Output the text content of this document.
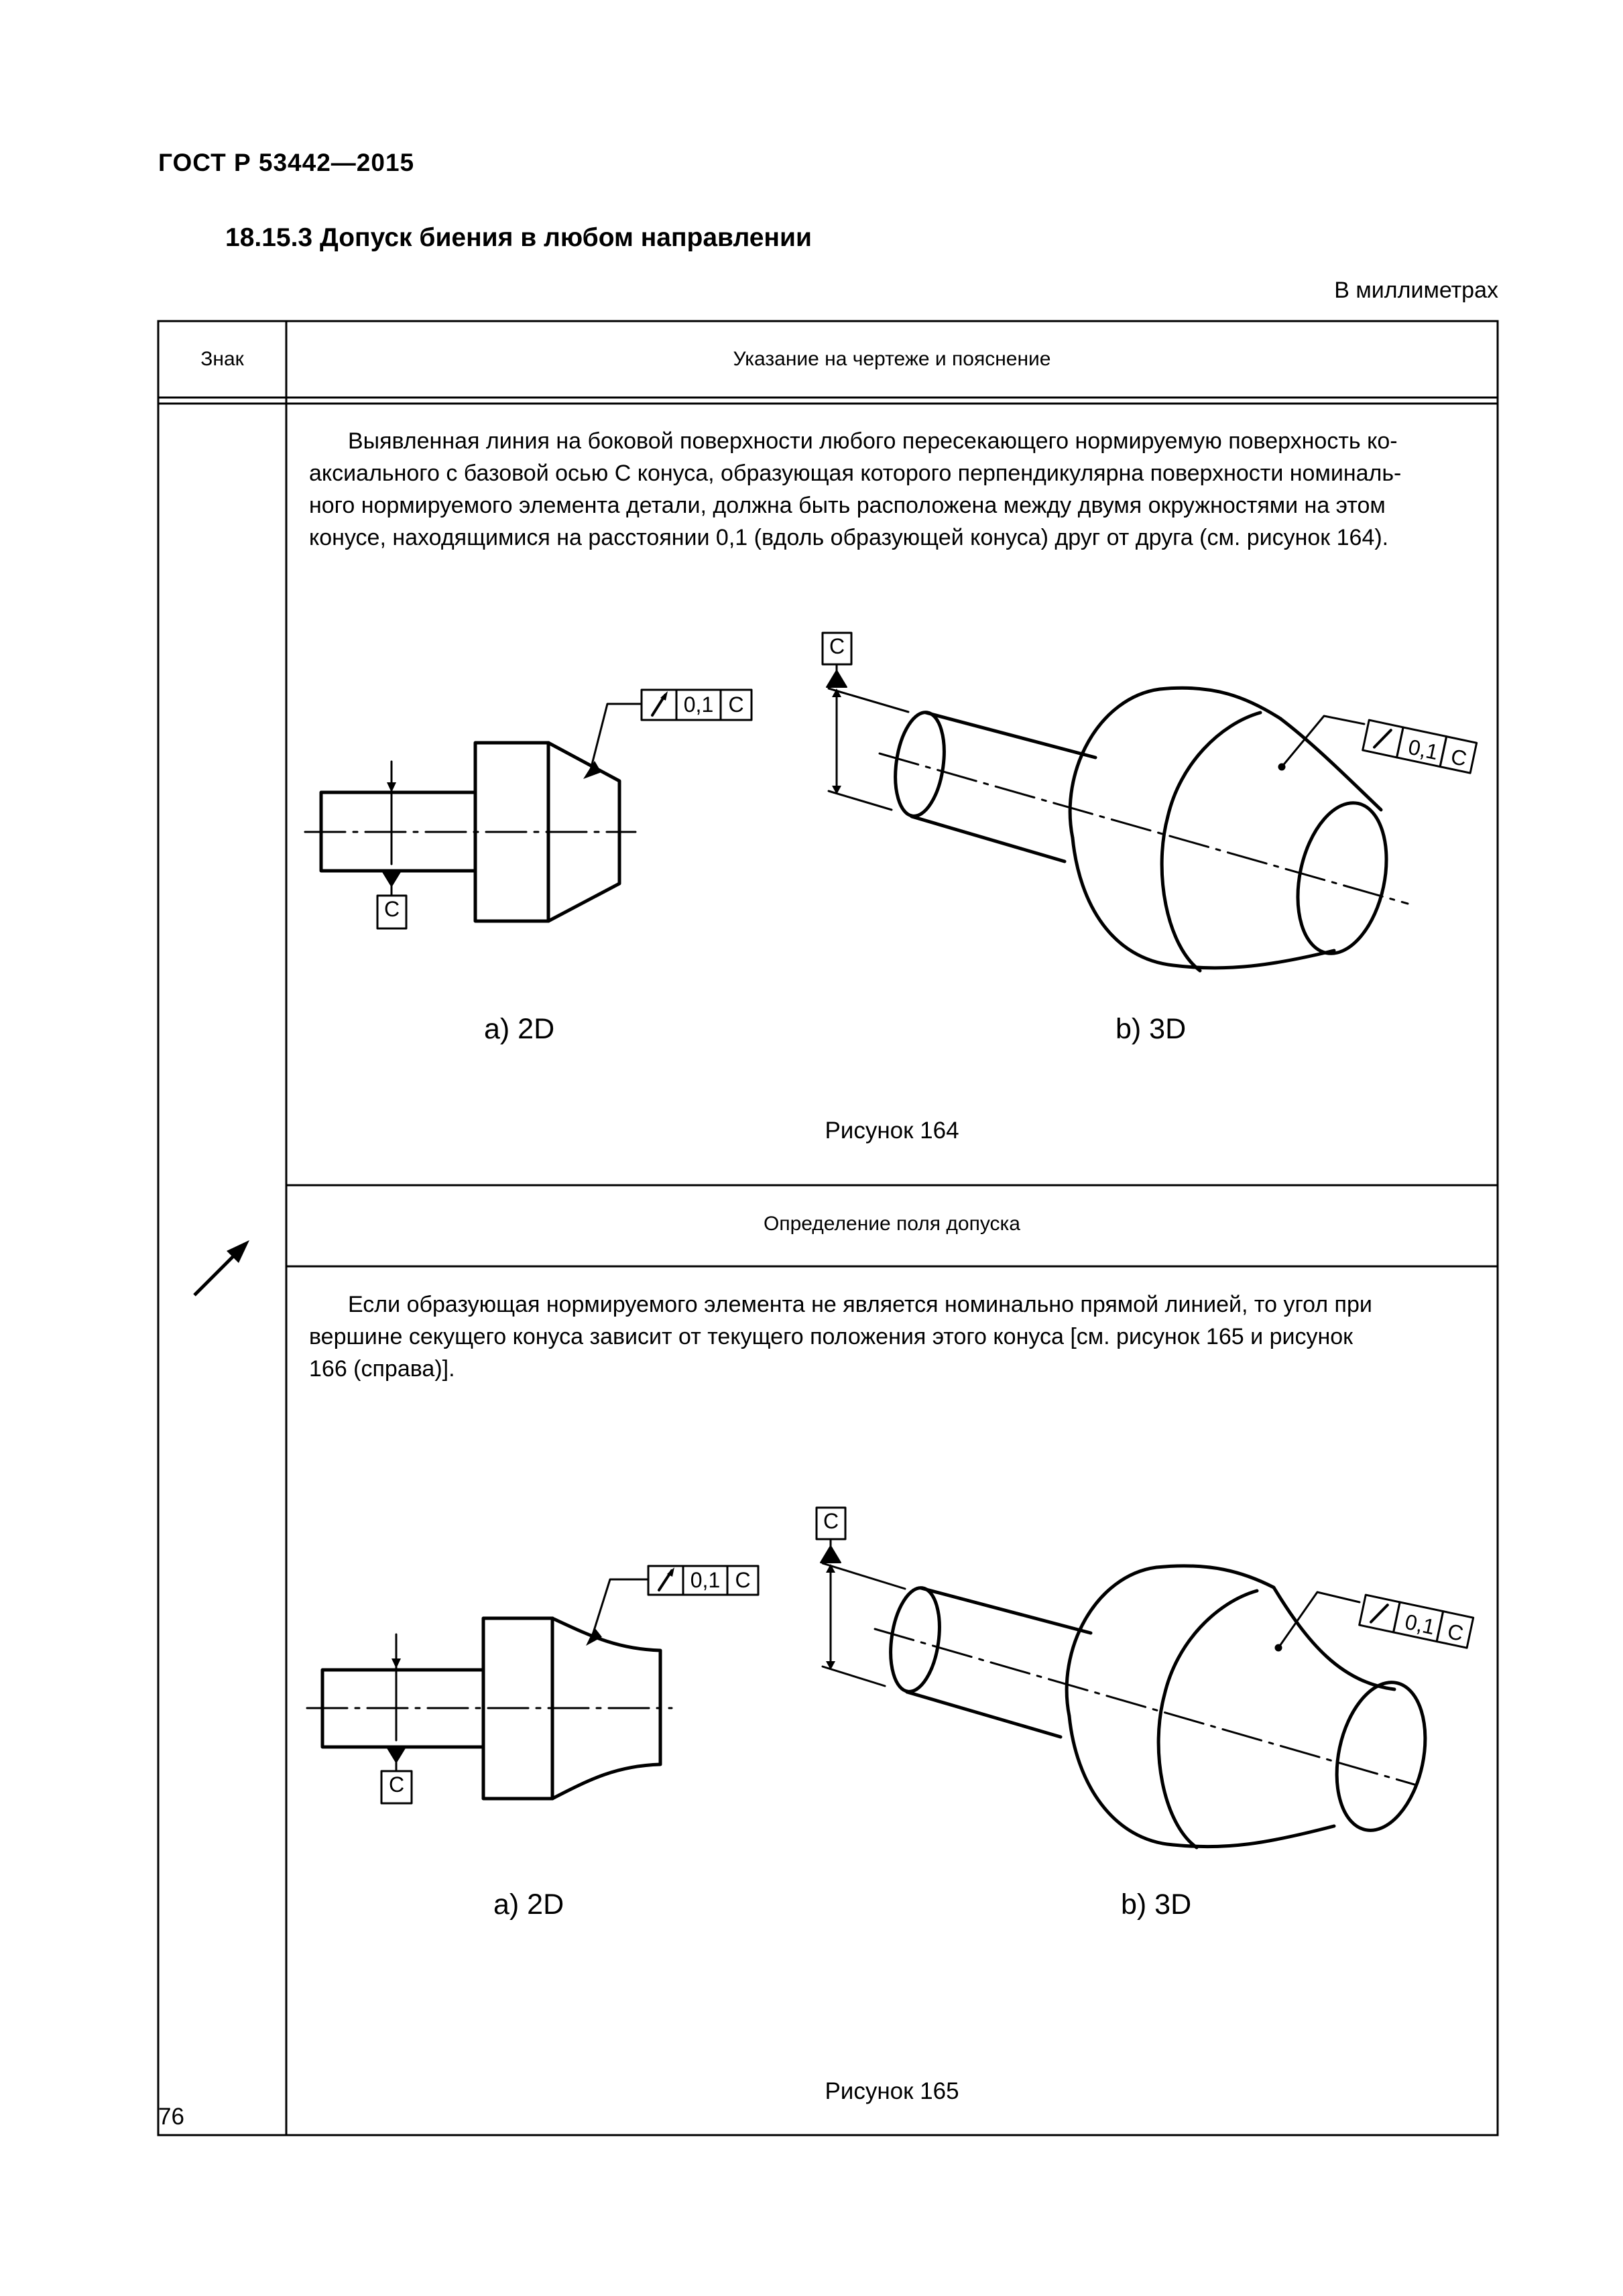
ГОСТ Р 53442—2015
18.15.3 Допуск биения в любом направлении
В миллиметрах
Знак	Указание на чертеже и пояснение
Выявленная линия на боковой поверхности любого пересекающего нормируемую поверхность ко-
аксиального с базовой осью C конуса, образующая которого перпендикулярна поверхности номиналь-
ного нормируемого элемента детали, должна быть расположена между двумя окружностями на этом
конусе, находящимися на расстоянии 0,1 (вдоль образующей конуса) друг от друга (см. рисунок 164).
C
0,1 C
C
0,1 C
a) 2D	b) 3D
Рисунок 164
Определение поля допуска
Если образующая нормируемого элемента не является номинально прямой линией, то угол при
вершине секущего конуса зависит от текущего положения этого конуса [см. рисунок 165 и рисунок
166 (справа)].
C
0,1 C
C
0,1 C
a) 2D	b) 3D
Рисунок 165
76
